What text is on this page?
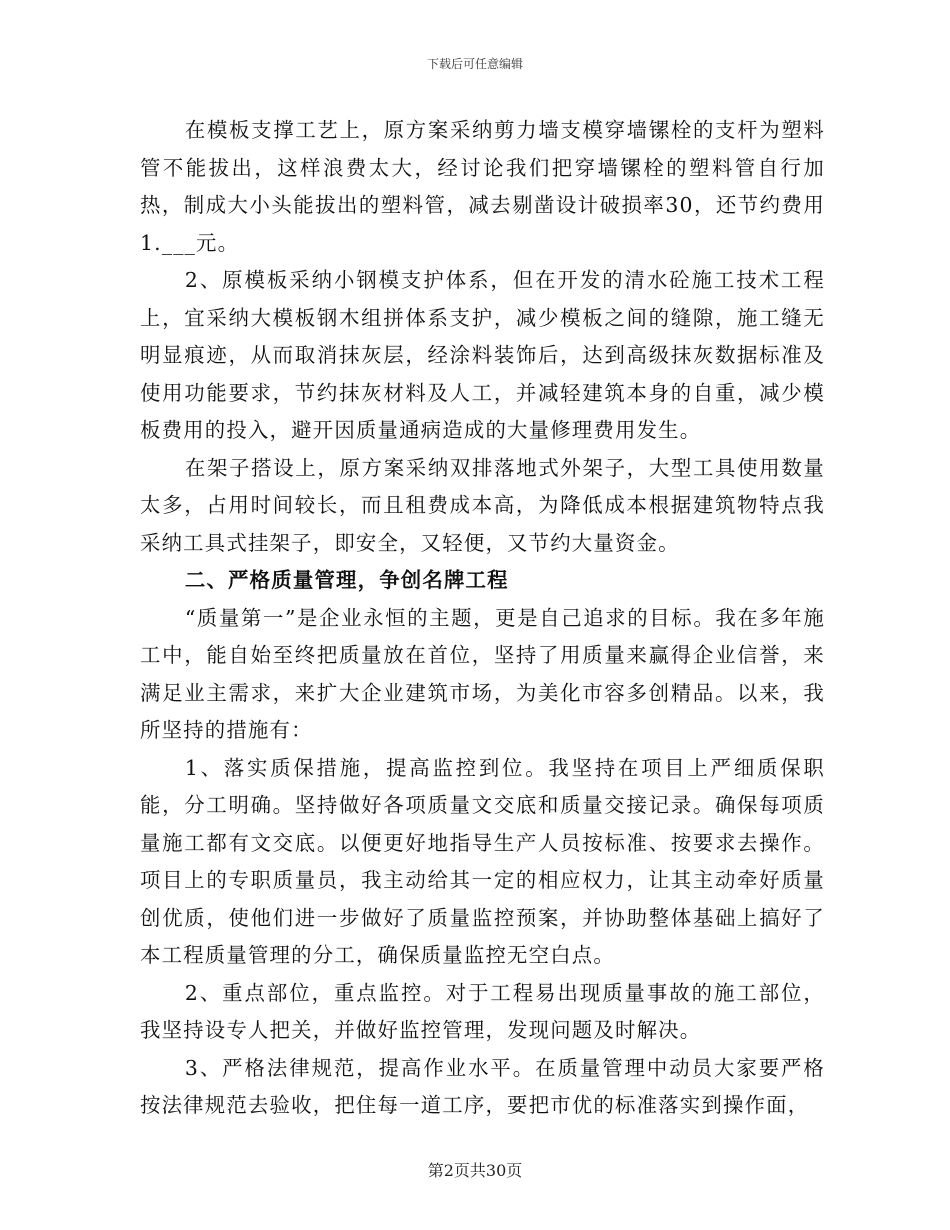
下载后可任意编辑

在模板支撑工艺上，原方案采纳剪力墙支模穿墙镙栓的支杆为塑料管不能拔出，这样浪费太大，经讨论我们把穿墙镙栓的塑料管自行加热，制成大小头能拔出的塑料管，减去剔凿设计破损率30，还节约费用1.___元。

2、原模板采纳小钢模支护体系，但在开发的清水砼施工技术工程上，宜采纳大模板钢木组拼体系支护，减少模板之间的缝隙，施工缝无明显痕迹，从而取消抹灰层，经涂料装饰后，达到高级抹灰数据标准及使用功能要求，节约抹灰材料及人工，并减轻建筑本身的自重，减少模板费用的投入，避开因质量通病造成的大量修理费用发生。

在架子搭设上，原方案采纳双排落地式外架子，大型工具使用数量太多，占用时间较长，而且租费成本高，为降低成本根据建筑物特点我采纳工具式挂架子，即安全，又轻便，又节约大量资金。

二、严格质量管理，争创名牌工程

“质量第一”是企业永恒的主题，更是自己追求的目标。我在多年施工中，能自始至终把质量放在首位，坚持了用质量来赢得企业信誉，来满足业主需求，来扩大企业建筑市场，为美化市容多创精品。以来，我所坚持的措施有：

1、落实质保措施，提高监控到位。我坚持在项目上严细质保职能，分工明确。坚持做好各项质量文交底和质量交接记录。确保每项质量施工都有文交底。以便更好地指导生产人员按标准、按要求去操作。项目上的专职质量员，我主动给其一定的相应权力，让其主动牵好质量创优质，使他们进一步做好了质量监控预案，并协助整体基础上搞好了本工程质量管理的分工，确保质量监控无空白点。

2、重点部位，重点监控。对于工程易出现质量事故的施工部位，我坚持设专人把关，并做好监控管理，发现问题及时解决。

3、严格法律规范，提高作业水平。在质量管理中动员大家要严格按法律规范去验收，把住每一道工序，要把市优的标准落实到操作面，

第2页共30页
